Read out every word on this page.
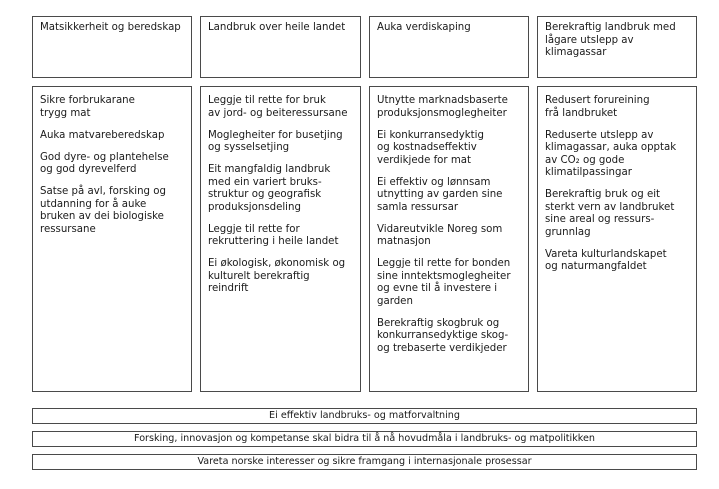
Matsikkerheit og beredskap	Landbruk over heile landet	Auka verdiskaping	Berekraftig landbruk med
lågare utslepp av
klimagassar
Sikre forbrukarane
trygg mat
Auka matvareberedskap
God dyre- og plantehelse
og god dyrevelferd
Satse på avl, forsking og
utdanning for å auke
bruken av dei biologiske
ressursane
Leggje til rette for bruk
av jord- og beiteressursane
Moglegheiter for busetjing
og sysselsetjing
Eit mangfaldig landbruk
med ein variert bruks-
struktur og geografisk
produksjonsdeling
Leggje til rette for
rekruttering i heile landet
Ei økologisk, økonomisk og
kulturelt berekraftig reindrift
Utnytte marknadsbaserte
produksjonsmoglegheiter
Ei konkurransedyktig
og kostnadseffektiv
verdikjede for mat
Ei effektiv og lønnsam
utnytting av garden sine
samla ressursar
Vidareutvikle Noreg som
matnasjon
Leggje til rette for bonden
sine inntektsmoglegheiter
og evne til å investere i
garden
Berekraftig skogbruk og
konkurransedyktige skog-
og trebaserte verdikjeder
Redusert forureining
frå landbruket
Reduserte utslepp av
klimagassar, auka opptak
av CO₂ og gode
klimatilpassingar
Berekraftig bruk og eit
sterkt vern av landbruket
sine areal og ressurs-
grunnlag
Vareta kulturlandskapet
og naturmangfaldet
Ei effektiv landbruks- og matforvaltning
Forsking, innovasjon og kompetanse skal bidra til å nå hovudmåla i landbruks- og matpolitikken
Vareta norske interesser og sikre framgang i internasjonale prosessar
